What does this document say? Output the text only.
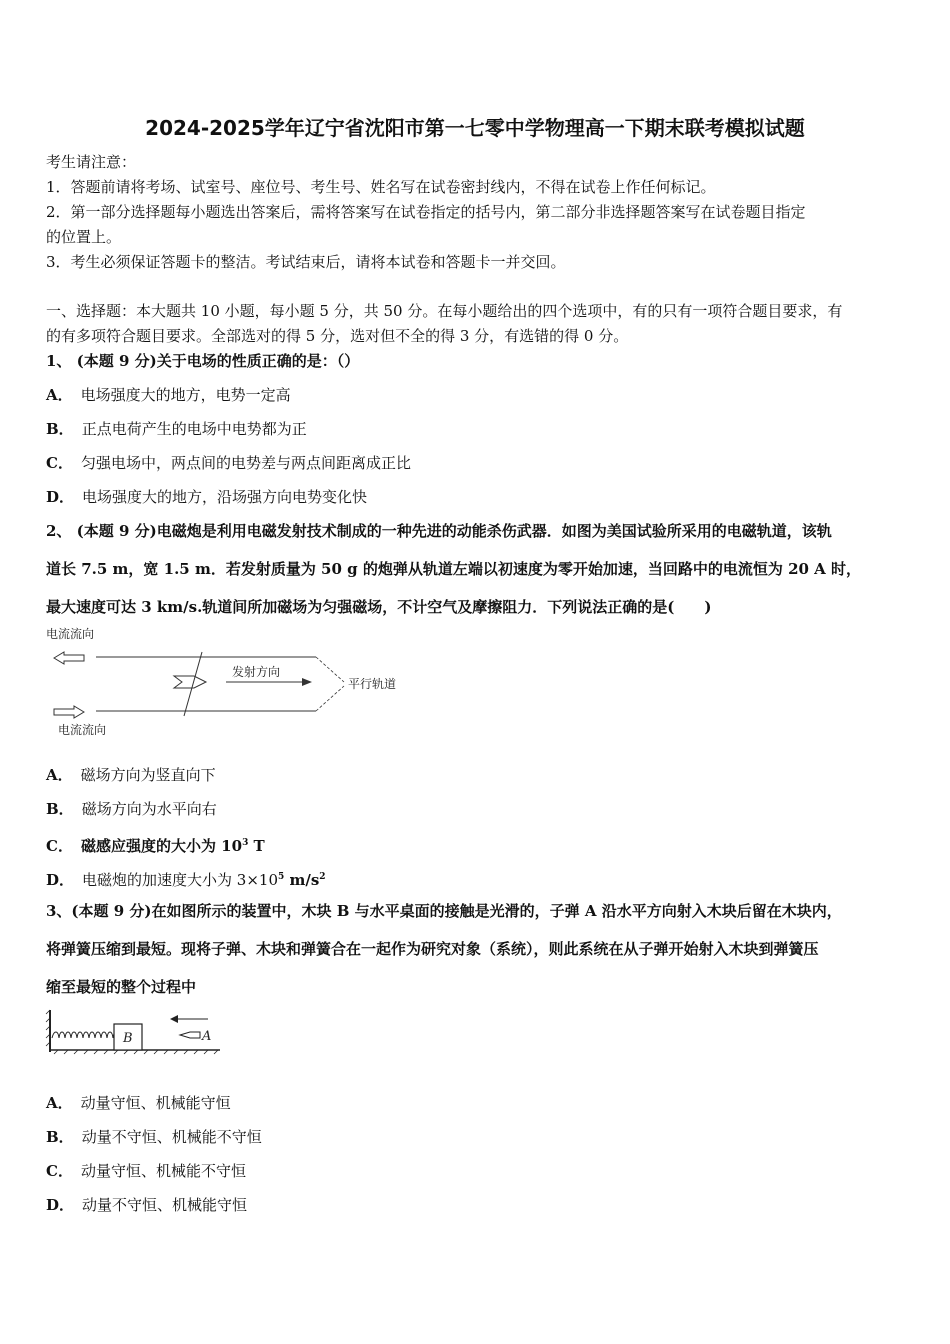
2024-2025学年辽宁省沈阳市第一七零中学物理高一下期末联考模拟试题
考生请注意：
1．答题前请将考场、试室号、座位号、考生号、姓名写在试卷密封线内，不得在试卷上作任何标记。
2．第一部分选择题每小题选出答案后，需将答案写在试卷指定的括号内，第二部分非选择题答案写在试卷题目指定
的位置上。
3．考生必须保证答题卡的整洁。考试结束后，请将本试卷和答题卡一并交回。
一、选择题：本大题共 10 小题，每小题 5 分，共 50 分。在每小题给出的四个选项中，有的只有一项符合题目要求，有
的有多项符合题目要求。全部选对的得 5 分，选对但不全的得 3 分，有选错的得 0 分。
1、 (本题 9 分)关于电场的性质正确的是：（）
A． 电场强度大的地方，电势一定高
B． 正点电荷产生的电场中电势都为正
C． 匀强电场中，两点间的电势差与两点间距离成正比
D． 电场强度大的地方，沿场强方向电势变化快
2、 (本题 9 分)电磁炮是利用电磁发射技术制成的一种先进的动能杀伤武器．如图为美国试验所采用的电磁轨道，该轨
道长 7.5 m，宽 1.5 m．若发射质量为 50 g 的炮弹从轨道左端以初速度为零开始加速，当回路中的电流恒为 20 A 时，
最大速度可达 3 km/s.轨道间所加磁场为匀强磁场，不计空气及摩擦阻力．下列说法正确的是(　　)
电流流向
发射方向
平行轨道
电流流向
A． 磁场方向为竖直向下
B． 磁场方向为水平向右
C． 磁感应强度的大小为 $10^3$ T
D． 电磁炮的加速度大小为 $3\times 10^5$ $m/s^2$
3、(本题 9 分)在如图所示的装置中，木块 B 与水平桌面的接触是光滑的，子弹 A 沿水平方向射入木块后留在木块内，
将弹簧压缩到最短。现将子弹、木块和弹簧合在一起作为研究对象（系统），则此系统在从子弹开始射入木块到弹簧压
缩至最短的整个过程中
B	A
A． 动量守恒、机械能守恒
B． 动量不守恒、机械能不守恒
C． 动量守恒、机械能不守恒
D． 动量不守恒、机械能守恒
